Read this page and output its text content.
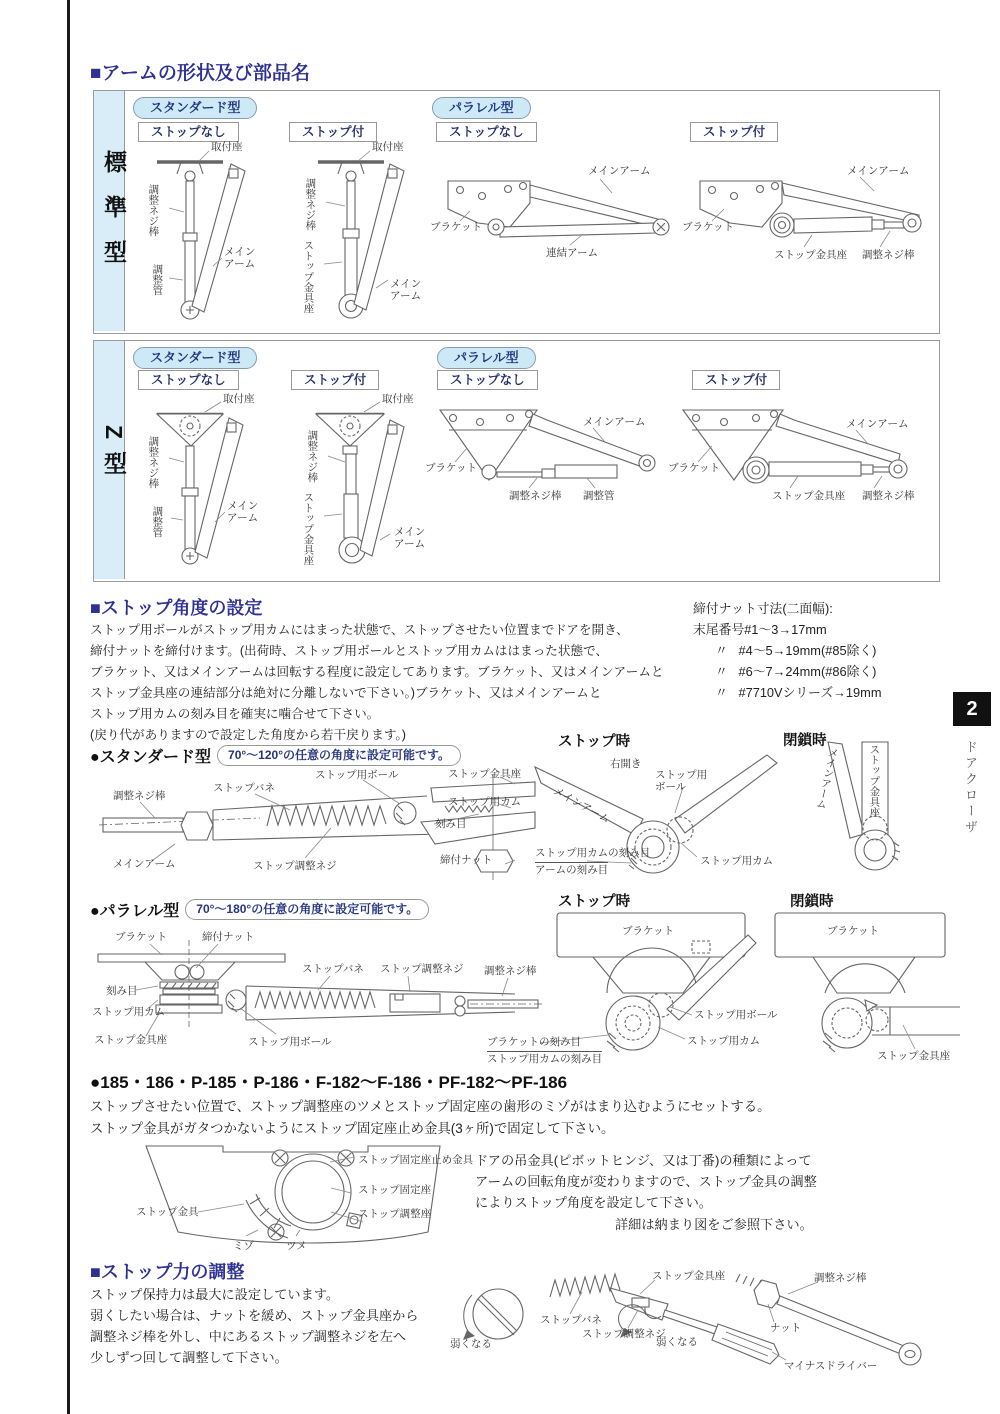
2
ドアクローザ
■アームの形状及び部品名
標準型
スタンダード型	パラレル型
ストップなし	ストップ付	ストップなし	ストップ付
取付座
調整ネジ棒
メインアーム
調整管
取付座
調整ネジ棒
ストップ金具座	メインアーム
メインアーム
ブラケット
連結アーム
メインアーム
ブラケット
ストップ金具座 調整ネジ棒
Z型
スタンダード型	パラレル型
ストップなし	ストップ付	ストップなし	ストップ付
取付座
調整ネジ棒
調整管	メインアーム
取付座
調整ネジ棒
ストップ金具座	メインアーム
メインアーム
ブラケット
調整ネジ棒 調整管
メインアーム
ブラケット
ストップ金具座 調整ネジ棒
■ストップ角度の設定
ストップ用ボールがストップ用カムにはまった状態で、ストップさせたい位置までドアを開き、
締付ナットを締付けます。(出荷時、ストップ用ボールとストップ用カムははまった状態で、
ブラケット、又はメインアームは回転する程度に設定してあります。ブラケット、又はメインアームと
ストップ金具座の連結部分は絶対に分離しないで下さい。)ブラケット、又はメインアームと
ストップ用カムの刻み目を確実に噛合せて下さい。
(戻り代がありますので設定した角度から若干戻ります。)
締付ナット寸法(二面幅):
末尾番号#1〜3→17mm
〃 #4〜5→19mm(#85除く)
〃 #6〜7→24mm(#86除く)
〃 #7710Vシリーズ→19mm
●スタンダード型 70°〜120°の任意の角度に設定可能です。
調整ネジ棒
ストップバネ
ストップ用ボール	ストップ金具座
ストップ用カム
刻み目
締付ナット
メインアーム	ストップ調整ネジ
ストップ時
右開き
ストップ用ボール
メインアーム
ストップ用カムの刻み目
アームの刻み目
ストップ用カム
閉鎖時
メインアーム	ストップ金具座
●パラレル型 70°〜180°の任意の角度に設定可能です。
ブラケット	締付ナット
ストップバネ ストップ調整ネジ 調整ネジ棒
刻み目
ストップ用カム
ストップ金具座	ストップ用ボール
ストップ時
ブラケット
ストップ用ボール
ストップ用カム
ブラケットの刻み目
ストップ用カムの刻み目
閉鎖時
ブラケット
ストップ金具座
●185・186・P-185・P-186・F-182〜F-186・PF-182〜PF-186
ストップさせたい位置で、ストップ調整座のツメとストップ固定座の歯形のミゾがはまり込むようにセットする。
ストップ金具がガタつかないようにストップ固定座止め金具(3ヶ所)で固定して下さい。
ストップ固定座止め金具
ストップ固定座
ストップ調整座
ストップ金具
ミゾ	ツメ
ドアの吊金具(ピボットヒンジ、又は丁番)の種類によって
アームの回転角度が変わりますので、ストップ金具の調整
によりストップ角度を設定して下さい。
詳細は納まり図をご参照下さい。
■ストップ力の調整
ストップ保持力は最大に設定しています。
弱くしたい場合は、ナットを緩め、ストップ金具座から
調整ネジ棒を外し、中にあるストップ調整ネジを左へ
少しずつ回して調整して下さい。
弱くなる
ストップ金具座	調整ネジ棒
ストップバネ
ストップ調整ネジ
弱くなる
ナット
マイナスドライバー
